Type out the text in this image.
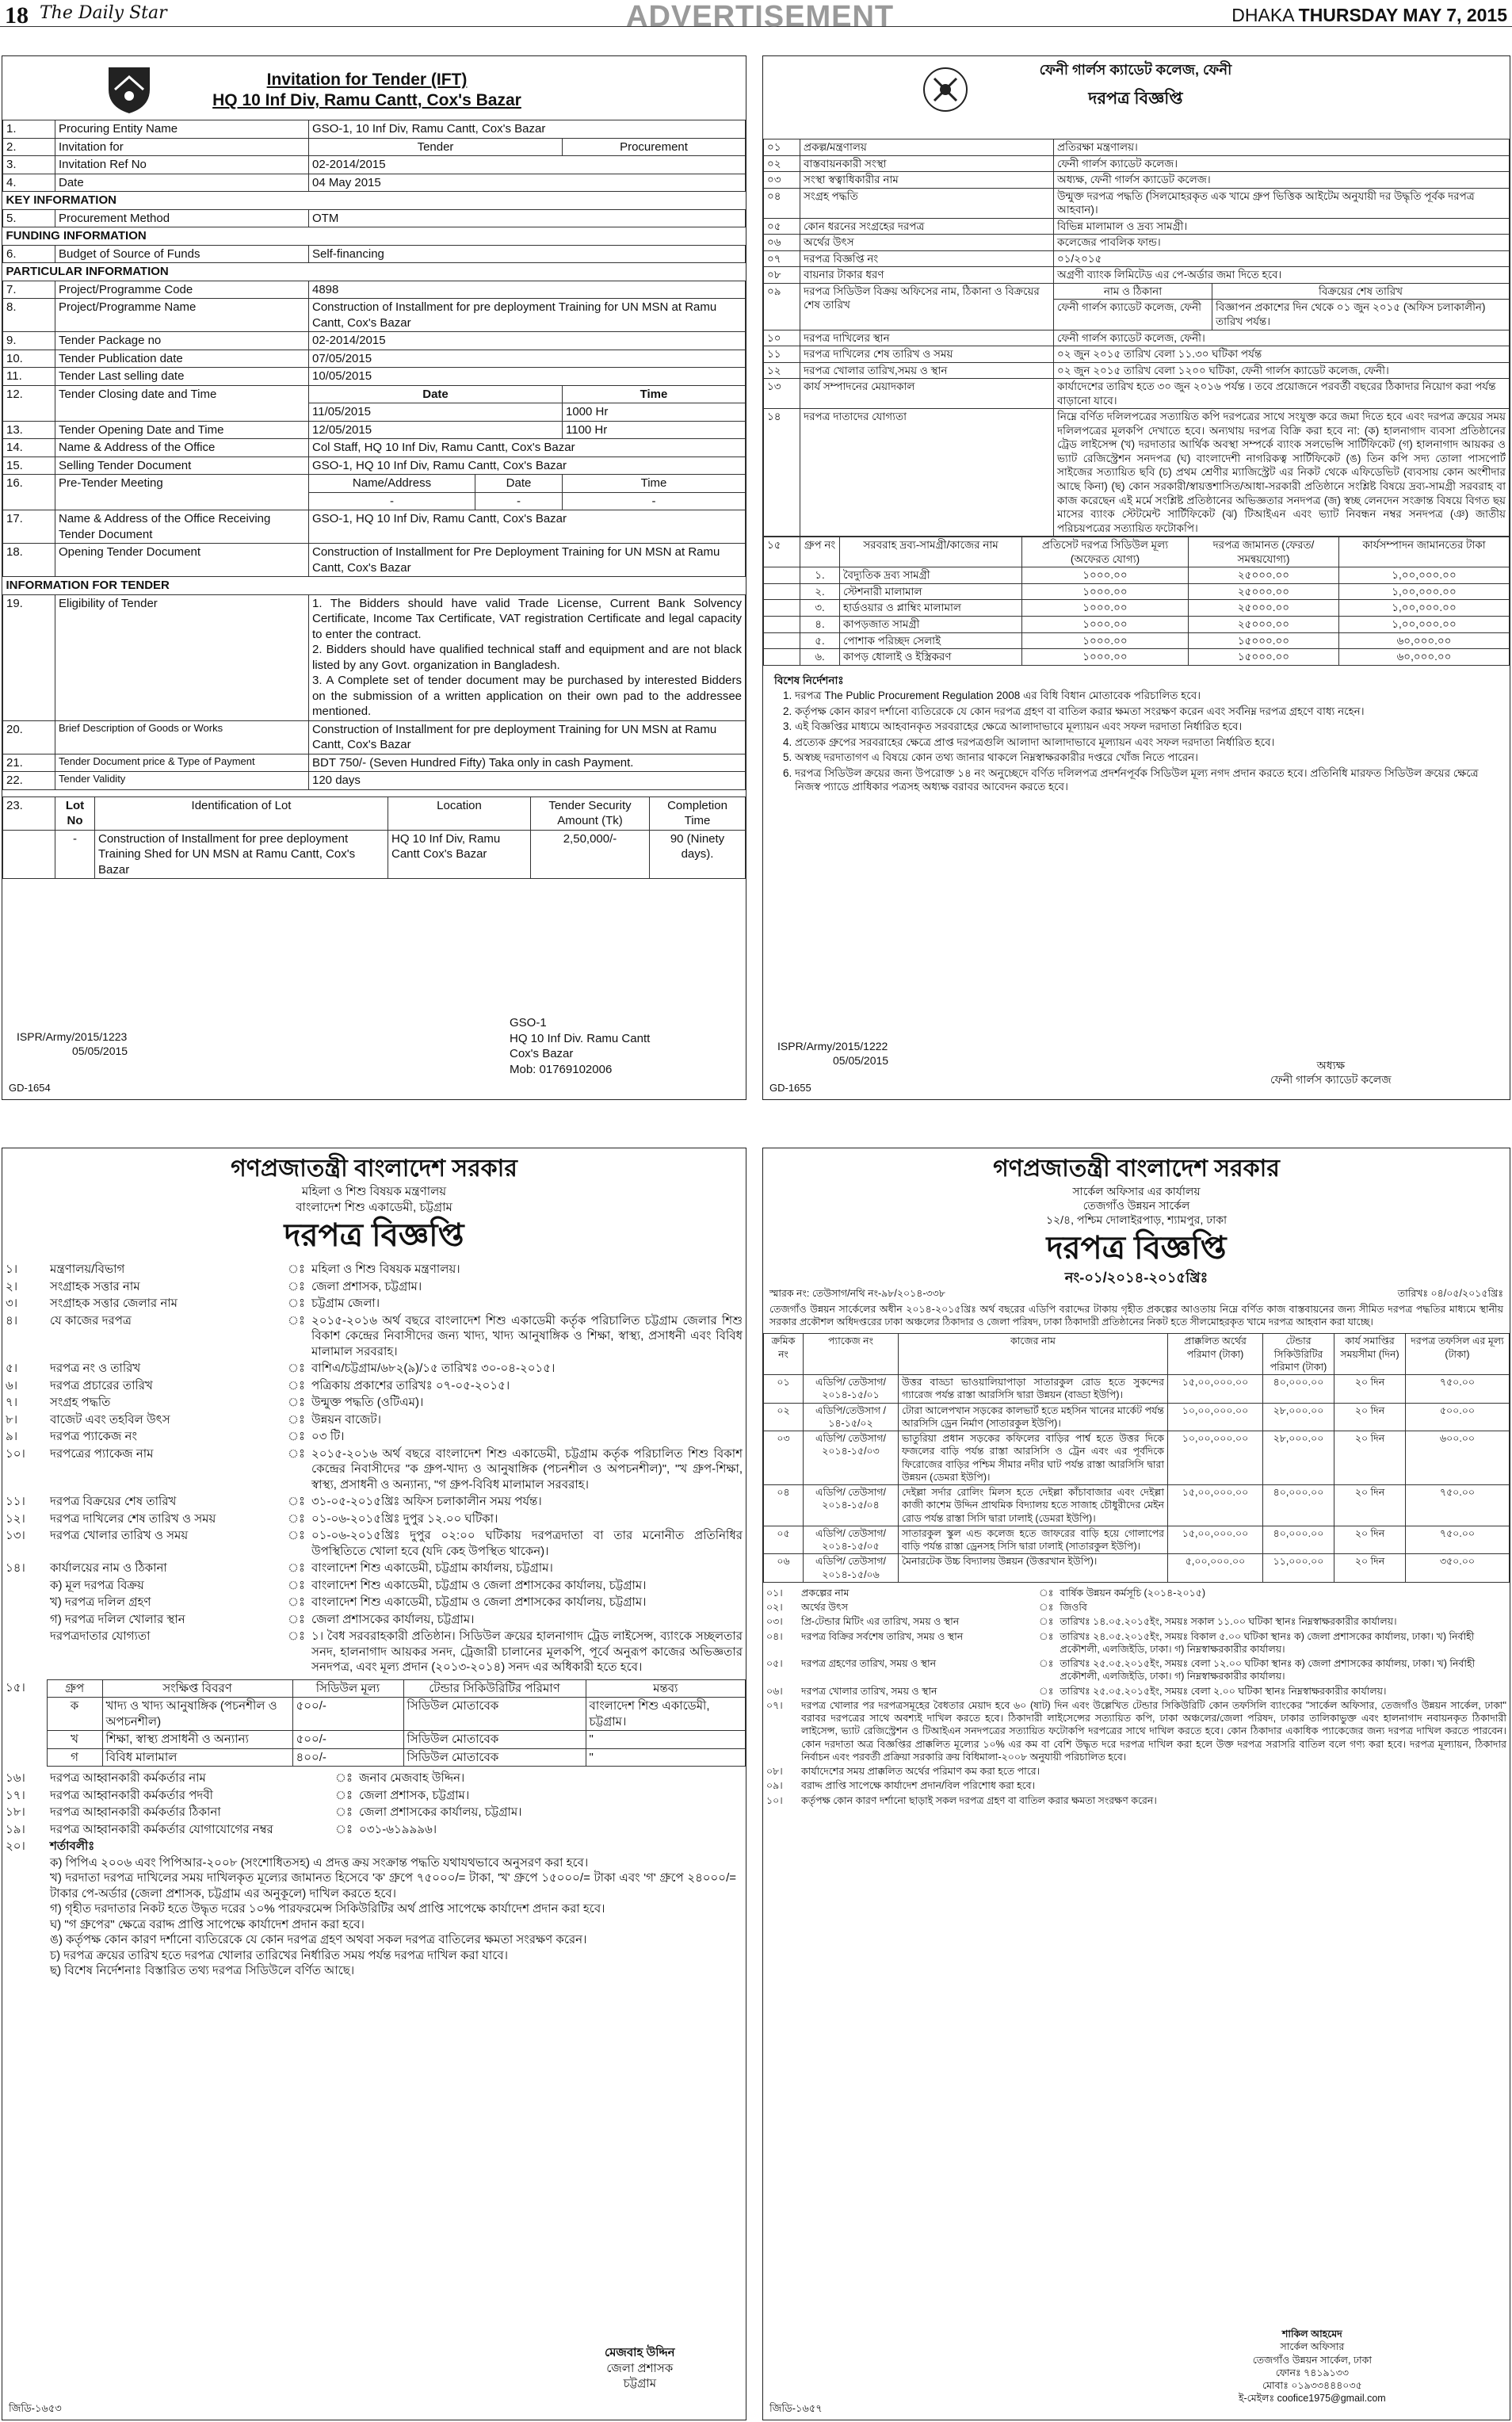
18 The Daily Star	ADVERTISEMENT	DHAKA THURSDAY MAY 7, 2015
Invitation for Tender (IFT)
HQ 10 Inf Div, Ramu Cantt, Cox's Bazar
1.	Procuring Entity Name	GSO-1, 10 Inf Div, Ramu Cantt, Cox's Bazar		
2.	Invitation for	Tender		Procurement
3.	Invitation Ref No	02-2014/2015		
4.	Date	04 May 2015		
KEY INFORMATION				
5.	Procurement Method	OTM		
FUNDING INFORMATION				
6.	Budget of Source of Funds	Self-financing		
PARTICULAR INFORMATION				
7.	Project/Programme Code	4898		
8.	Project/Programme Name	Construction of Installment for pre deployment Training for UN MSN at Ramu Cantt, Cox's Bazar		
9.	Tender Package no	02-2014/2015		
10.	Tender Publication date	07/05/2015		
11.	Tender Last selling date	10/05/2015		
12.	Tender Closing date and Time	Date		Time
		11/05/2015		1000 Hr
13.	Tender Opening Date and Time	12/05/2015		1100 Hr
14.	Name & Address of the Office	Col Staff, HQ 10 Inf Div, Ramu Cantt, Cox's Bazar		
15.	Selling Tender Document	GSO-1, HQ 10 Inf Div, Ramu Cantt, Cox's Bazar		
16.	Pre-Tender Meeting	Name/Address	Date	Time
		-	-	-
17.	Name & Address of the Office Receiving Tender Document	GSO-1, HQ 10 Inf Div, Ramu Cantt, Cox's Bazar		
18.	Opening Tender Document	Construction of Installment for Pre Deployment Training for UN MSN at Ramu Cantt, Cox's Bazar		
INFORMATION FOR TENDER				
19.	Eligibility of Tender	1. The Bidders should have valid Trade License, Current Bank Solvency Certificate, Income Tax Certificate, VAT registration Certificate and legal capacity to enter the contract.
2. Bidders should have qualified technical staff and equipment and are not black listed by any Govt. organization in Bangladesh.
3. A Complete set of tender document may be purchased by interested Bidders on the submission of a written application on their own pad to the addressee mentioned.		

20.	Brief Description of Goods or Works	Construction of Installment for pre deployment Training for UN MSN at Ramu Cantt, Cox's Bazar		
21.	Tender Document price & Type of Payment	BDT 750/- (Seven Hundred Fifty) Taka only in cash Payment.		
22.	Tender Validity	120 days		
23.	Lot No	Identification of Lot	Location	Tender Security Amount (Tk)	Completion Time
	-	Construction of Installment for pree deployment Training Shed for UN MSN at Ramu Cantt, Cox's Bazar	HQ 10 Inf Div, Ramu Cantt Cox's Bazar	2,50,000/-	90 (Ninety days).
ISPR/Army/2015/1223
05/05/2015
GSO-1
HQ 10 Inf Div. Ramu Cantt
Cox's Bazar
Mob: 01769102006
GD-1654
ফেনী গার্লস ক্যাডেট কলেজ, ফেনী
দরপত্র বিজ্ঞপ্তি
০১	প্রকল্প/মন্ত্রণালয়	প্রতিরক্ষা মন্ত্রণালয়।	
০২	বাস্তবায়নকারী সংস্থা	ফেনী গার্লস ক্যাডেট কলেজ।	
০৩	সংস্থা স্বত্বাধিকারীর নাম	অধ্যক্ষ, ফেনী গার্লস ক্যাডেট কলেজ।	
০৪	সংগ্রহ পদ্ধতি	উন্মুক্ত দরপত্র পদ্ধতি (সিলমোহরকৃত এক খামে গ্রুপ ভিত্তিক আইটেম অনুযায়ী দর উদ্ধৃতি পূর্বক দরপত্র আহবান)।	
০৫	কোন ধরনের সংগ্রহের দরপত্র	বিভিন্ন মালামাল ও দ্রব্য সামগ্রী।	
০৬	অর্থের উৎস	কলেজের পাবলিক ফান্ড।	
০৭	দরপত্র বিজ্ঞপ্তি নং	০১/২০১৫	
০৮	বায়নার টাকার ধরণ	অগ্রণী ব্যাংক লিমিটেড এর পে-অর্ডার জমা দিতে হবে।	
০৯	দরপত্র সিডিউল বিক্রয় অফিসের নাম, ঠিকানা ও বিক্রয়ের শেষ তারিখ	নাম ও ঠিকানা	বিক্রয়ের শেষ তারিখ
		ফেনী গার্লস ক্যাডেট কলেজ, ফেনী	বিজ্ঞাপন প্রকাশের দিন থেকে ০১ জুন ২০১৫ (অফিস চলাকালীন) তারিখ পর্যন্ত।
১০	দরপত্র দাখিলের স্থান	ফেনী গার্লস ক্যাডেট কলেজ, ফেনী।	
১১	দরপত্র দাখিলের শেষ তারিখ ও সময়	০২ জুন ২০১৫ তারিখ বেলা ১১.৩০ ঘটিকা পর্যন্ত	
১২	দরপত্র খোলার তারিখ,সময় ও স্থান	০২ জুন ২০১৫ তারিখ বেলা ১২০০ ঘটিকা, ফেনী গার্লস ক্যাডেট কলেজ, ফেনী।	
১৩	কার্য সম্পাদনের মেয়াদকাল	কার্যাদেশের তারিখ হতে ৩০ জুন ২০১৬ পর্যন্ত । তবে প্রয়োজনে পরবর্তী বছরের ঠিকাদার নিয়োগ করা পর্যন্ত বাড়ানো যাবে।	
১৪	দরপত্র দাতাদের যোগ্যতা	নিম্নে বর্ণিত দলিলপত্রের সত্যায়িত কপি দরপত্রের সাথে সংযুক্ত করে জমা দিতে হবে এবং দরপত্র ক্রয়ের সময় দলিলপত্রের মূলকপি দেখাতে হবে। অন্যথায় দরপত্র বিক্রি করা হবে না: (ক) হালনাগাদ ব্যবসা প্রতিষ্ঠানের ট্রেড লাইসেন্স (খ) দরদাতার আর্থিক অবস্থা সম্পর্কে ব্যাংক সলভেন্সি সার্টিফিকেট (গ) হালনাগাদ আয়কর ও ভ্যাট রেজিস্ট্রেশন সনদপত্র (ঘ) বাংলাদেশী নাগরিকত্ব সার্টিফিকেট (ঙ) তিন কপি সদ্য তোলা পাসপোর্ট সাইজের সত্যায়িত ছবি (চ) প্রথম শ্রেণীর ম্যাজিস্ট্রেট এর নিকট থেকে এফিডেভিট (ব্যবসায় কোন অংশীদার আছে কিনা) (ছ) কোন সরকারী/স্বায়ত্তশাসিত/আধা-সরকারী প্রতিষ্ঠানে সংশ্লিষ্ট বিষয়ে দ্রব্য-সামগ্রী সরবরাহ বা কাজ করেছেন এই মর্মে সংশ্লিষ্ট প্রতিষ্ঠানের অভিজ্ঞতার সনদপত্র (জ) স্বচ্ছ লেনদেন সংক্রান্ত বিষয়ে বিগত ছয় মাসের ব্যাংক স্টেটমেন্ট সার্টিফিকেট (ঝ) টিআইএন এবং ভ্যাট নিবন্ধন নম্বর সনদপত্র (ঞ) জাতীয় পরিচয়পত্রের সত্যায়িত ফটোকপি।	
১৫	গ্রুপ নং	সরবরাহ দ্রব্য-সামগ্রী/কাজের নাম	প্রতিসেট দরপত্র সিডিউল মূল্য (অফেরত যোগ্য)	দরপত্র জামানত (ফেরত/সমন্বয়যোগ্য)	কার্যসম্পাদন জামানতের টাকা
	১.	বৈদ্যুতিক দ্রব্য সামগ্রী	১০০০.০০	২৫০০০.০০	১,০০,০০০.০০
	২.	স্টেশনারী মালামাল	১০০০.০০	২৫০০০.০০	১,০০,০০০.০০
	৩.	হার্ডওয়ার ও প্লাম্বিং মালামাল	১০০০.০০	২৫০০০.০০	১,০০,০০০.০০
	৪.	কাপড়জাত সামগ্রী	১০০০.০০	২৫০০০.০০	১,০০,০০০.০০
	৫.	পোশাক পরিচ্ছদ সেলাই	১০০০.০০	১৫০০০.০০	৬০,০০০.০০
	৬.	কাপড় ধোলাই ও ইস্ত্রিকরণ	১০০০.০০	১৫০০০.০০	৬০,০০০.০০
বিশেষ নির্দেশনাঃ
1. দরপত্র The Public Procurement Regulation 2008 এর বিধি বিধান মোতাবেক পরিচালিত হবে।
2. কর্তৃপক্ষ কোন কারণ দর্শানো ব্যতিরেকে যে কোন দরপত্র গ্রহণ বা বাতিল করার ক্ষমতা সংরক্ষণ করেন এবং সর্বনিম্ন দরপত্র গ্রহণে বাধ্য নহেন।
3. এই বিজ্ঞপ্তির মাধ্যমে আহবানকৃত সরবরাহের ক্ষেত্রে আলাদাভাবে মূল্যায়ন এবং সফল দরদাতা নির্ধারিত হবে।
4. প্রত্যেক গ্রুপের সরবরাহের ক্ষেত্রে প্রাপ্ত দরপত্রগুলি আলাদা আলাদাভাবে মূল্যায়ন এবং সফল দরদাতা নির্ধারিত হবে।
5. অস্বচ্ছ দরদাতাগণ এ বিষয়ে কোন তথ্য জানার থাকলে নিম্নস্বাক্ষরকারীর দপ্তরে খোঁজ নিতে পারেন।
6. দরপত্র সিডিউল ক্রয়ের জন্য উপরোক্ত ১৪ নং অনুচ্ছেদে বর্ণিত দলিলপত্র প্রদর্শনপূর্বক সিডিউল মূল্য নগদ প্রদান করতে হবে। প্রতিনিধি মারফত সিডিউল ক্রয়ের ক্ষেত্রে নিজস্ব প্যাডে প্রাধিকার পত্রসহ অধ্যক্ষ বরাবর আবেদন করতে হবে।
ISPR/Army/2015/1222
05/05/2015	অধ্যক্ষ
ফেনী গার্লস ক্যাডেট কলেজ
GD-1655
গণপ্রজাতন্ত্রী বাংলাদেশ সরকার
মহিলা ও শিশু বিষয়ক মন্ত্রণালয়
বাংলাদেশ শিশু একাডেমী, চট্টগ্রাম
দরপত্র বিজ্ঞপ্তি
১।	মন্ত্রণালয়/বিভাগ	ঃ	মহিলা ও শিশু বিষয়ক মন্ত্রণালয়।
২।	সংগ্রাহক সত্তার নাম	ঃ	জেলা প্রশাসক, চট্টগ্রাম।
৩।	সংগ্রাহক সত্তার জেলার নাম	ঃ	চট্টগ্রাম জেলা।
৪।	যে কাজের দরপত্র	ঃ	২০১৫-২০১৬ অর্থ বছরে বাংলাদেশ শিশু একাডেমী কর্তৃক পরিচালিত চট্টগ্রাম জেলার শিশু বিকাশ কেন্দ্রের নিবাসীদের জন্য খাদ্য, খাদ্য আনুষাঙ্গিক ও শিক্ষা, স্বাস্থ্য, প্রসাধনী এবং বিবিধ মালামাল সরবরাহ।
৫।	দরপত্র নং ও তারিখ	ঃ	বাশিএ/চট্টগ্রাম/৬৮২(৯)/১৫ তারিখঃ ৩০-০৪-২০১৫।
৬।	দরপত্র প্রচারের তারিখ	ঃ	পত্রিকায় প্রকাশের তারিখঃ ০৭-০৫-২০১৫।
৭।	সংগ্রহ পদ্ধতি	ঃ	উন্মুক্ত পদ্ধতি (ওটিএম)।
৮।	বাজেট এবং তহবিল উৎস	ঃ	উন্নয়ন বাজেট।
৯।	দরপত্র প্যাকেজ নং	ঃ	০৩ টি।
১০।	দরপত্রের প্যাকেজ নাম	ঃ	২০১৫-২০১৬ অর্থ বছরে বাংলাদেশ শিশু একাডেমী, চট্টগ্রাম কর্তৃক পরিচালিত শিশু বিকাশ কেন্দ্রের নিবাসীদের "ক গ্রুপ-খাদ্য ও আনুষাঙ্গিক (পচনশীল ও অপচনশীল)", "খ গ্রুপ-শিক্ষা, স্বাস্থ্য, প্রসাধনী ও অন্যান্য, "গ গ্রুপ-বিবিধ মালামাল সরবরাহ।
১১।	দরপত্র বিক্রয়ের শেষ তারিখ	ঃ	৩১-০৫-২০১৫খ্রিঃ অফিস চলাকালীন সময় পর্যন্ত।
১২।	দরপত্র দাখিলের শেষ তারিখ ও সময়	ঃ	০১-০৬-২০১৫খ্রিঃ দুপুর ১২.০০ ঘটিকা।
১৩।	দরপত্র খোলার তারিখ ও সময়	ঃ	০১-০৬-২০১৫খ্রিঃ দুপুর ০২:০০ ঘটিকায় দরপত্রদাতা বা তার মনোনীত প্রতিনিধির উপস্থিতিতে খোলা হবে (যদি কেহ উপস্থিত থাকেন)।
১৪।	কার্যালয়ের নাম ও ঠিকানা	ঃ	বাংলাদেশ শিশু একাডেমী, চট্টগ্রাম কার্যালয়, চট্টগ্রাম।
	ক) মূল দরপত্র বিক্রয়	ঃ	বাংলাদেশ শিশু একাডেমী, চট্টগ্রাম ও জেলা প্রশাসকের কার্যালয়, চট্টগ্রাম।
	খ) দরপত্র দলিল গ্রহণ	ঃ	বাংলাদেশ শিশু একাডেমী, চট্টগ্রাম ও জেলা প্রশাসকের কার্যালয়, চট্টগ্রাম।
	গ) দরপত্র দলিল খোলার স্থান	ঃ	জেলা প্রশাসকের কার্যালয়, চট্টগ্রাম।
	দরপত্রদাতার যোগ্যতা	ঃ	১। বৈধ সরবরাহকারী প্রতিষ্ঠান। সিডিউল ক্রয়ের হালনাগাদ ট্রেড লাইসেন্স, ব্যাংকে সচ্ছলতার সনদ, হালনাগাদ আয়কর সনদ, ট্রেজারী চালানের মূলকপি, পূর্বে অনুরূপ কাজের অভিজ্ঞতার সনদপত্র, এবং মূল্য প্রদান (২০১৩-২০১৪) সনদ এর অধিকারী হতে হবে।
১৫।	গ্রুপ	সংক্ষিপ্ত বিবরণ	সিডিউল মূল্য	টেন্ডার সিকিউরিটির পরিমাণ	মন্তব্য
	ক	খাদ্য ও খাদ্য আনুষাঙ্গিক (পচনশীল ও অপচনশীল)	৫০০/-	সিডিউল মোতাবেক	বাংলাদেশ শিশু একাডেমী, চট্টগ্রাম।
	খ	শিক্ষা, স্বাস্থ্য প্রসাধনী ও অন্যান্য	৫০০/-	সিডিউল মোতাবেক	"
	গ	বিবিধ মালামাল	৪০০/-	সিডিউল মোতাবেক	"
১৬।	দরপত্র আহ্বানকারী কর্মকর্তার নাম	ঃ	জনাব মেজবাহ উদ্দিন।
১৭।	দরপত্র আহ্বানকারী কর্মকর্তার পদবী	ঃ	জেলা প্রশাসক, চট্টগ্রাম।
১৮।	দরপত্র আহ্বানকারী কর্মকর্তার ঠিকানা	ঃ	জেলা প্রশাসকের কার্যালয়, চট্টগ্রাম।
১৯।	দরপত্র আহ্বানকারী কর্মকর্তার যোগাযোগের নম্বর	ঃ	০৩১-৬১৯৯৯৬।
২০।	শর্তাবলীঃ		
ক) পিপিএ ২০০৬ এবং পিপিআর-২০০৮ (সংশোধিতসহ) এ প্রদত্ত ক্রয় সংক্রান্ত পদ্ধতি যথাযথভাবে অনুসরণ করা হবে।
খ) দরদাতা দরপত্র দাখিলের সময় দাখিলকৃত মূল্যের জামানত হিসেবে 'ক' গ্রুপে ৭৫০০০/= টাকা, 'খ' গ্রুপে ১৫০০০/= টাকা এবং 'গ' গ্রুপে ২৪০০০/= টাকার পে-অর্ডার (জেলা প্রশাসক, চট্টগ্রাম এর অনুকূলে) দাখিল করতে হবে।
গ) গৃহীত দরদাতার নিকট হতে উদ্ধৃত দরের ১০% পারফরমেন্স সিকিউরিটির অর্থ প্রাপ্তি সাপেক্ষে কার্যাদেশ প্রদান করা হবে।
ঘ) "গ গ্রুপের" ক্ষেত্রে বরাদ্দ প্রাপ্তি সাপেক্ষে কার্যাদেশ প্রদান করা হবে।
ঙ) কর্তৃপক্ষ কোন কারণ দর্শানো ব্যতিরেকে যে কোন দরপত্র গ্রহণ অথবা সকল দরপত্র বাতিলের ক্ষমতা সংরক্ষণ করেন।
চ) দরপত্র ক্রয়ের তারিখ হতে দরপত্র খোলার তারিখের নির্ধারিত সময় পর্যন্ত দরপত্র দাখিল করা যাবে।
ছ) বিশেষ নির্দেশনাঃ বিস্তারিত তথ্য দরপত্র সিডিউলে বর্ণিত আছে।
মেজবাহ উদ্দিন
জেলা প্রশাসক
চট্টগ্রাম
জিডি-১৬৫৩
গণপ্রজাতন্ত্রী বাংলাদেশ সরকার
সার্কেল অফিসার এর কার্যালয়
তেজগাঁও উন্নয়ন সার্কেল
১২/৪, পশ্চিম দোলাইরপাড়, শ্যামপুর, ঢাকা
দরপত্র বিজ্ঞপ্তি
নং-০১/২০১৪-২০১৫খ্রিঃ
স্মারক নং: তেউসাগ/নথি নং-৯৮/২০১৪-৩৩৮	তারিখঃ ০৪/০৫/২০১৫খ্রিঃ
তেজগাঁও উন্নয়ন সার্কেলের অধীন ২০১৪-২০১৫খ্রিঃ অর্থ বছরের এডিপি বরাদ্দের টাকায় গৃহীত প্রকল্পের আওতায় নিম্নে বর্ণিত কাজ বাস্তবায়নের জন্য সীমিত দরপত্র পদ্ধতির মাধ্যমে স্থানীয় সরকার প্রকৌশল অধিদপ্তরের ঢাকা অঞ্চলের ঠিকাদার ও জেলা পরিষদ, ঢাকা ঠিকাদারী প্রতিষ্ঠানের নিকট হতে সীলমোহরকৃত খামে দরপত্র আহবান করা যাচ্ছে।
ক্রমিক নং	প্যাকেজ নং	কাজের নাম	প্রাক্কলিত অর্থের পরিমাণ (টাকা)	টেন্ডার সিকিউরিটির পরিমাণ (টাকা)	কার্য সমাপ্তির সময়সীমা (দিন)	দরপত্র তফসিল এর মূল্য (টাকা)
০১	এডিপি/ তেউসাগ/ ২০১৪-১৫/০১	উত্তর বাড্ডা ভাওয়ালিয়াপাড়া সাতারকুল রোড হতে সুকন্দের গ্যারেজ পর্যন্ত রাস্তা আরসিসি দ্বারা উন্নয়ন (বাড্ডা ইউপি)।	১৫,০০,০০০.০০	৪০,০০০.০০	২০ দিন	৭৫০.০০
০২	এডিপি/তেউসাগ /১৪-১৫/০২	টোরা আলেপখান সড়কের কালভার্ট হতে মহসিন খানের মার্কেট পর্যন্ত আরসিসি ড্রেন নির্মাণ (সাতারকুল ইউপি)।	১০,০০,০০০.০০	২৮,০০০.০০	২০ দিন	৫০০.০০
০৩	এডিপি/ তেউসাগ/ ২০১৪-১৫/০৩	ভাতুরিয়া প্রধান সড়কের কফিলের বাড়ির পার্শ্ব হতে উত্তর দিকে ফজলের বাড়ি পর্যন্ত রাস্তা আরসিসি ও ট্রেন এবং এর পূর্বদিকে ফিরোজের বাড়ির পশ্চিম সীমার নদীর ঘাট পর্যন্ত রাস্তা আরসিসি দ্বারা উন্নয়ন (ডেমরা ইউপি)।	১০,০০,০০০.০০	২৮,০০০.০০	২০ দিন	৬০০.০০
০৪	এডিপি/ তেউসাগ/ ২০১৪-১৫/০৪	দেইল্লা সর্দার রোলিং মিলস হতে দেইল্লা কাঁচাবাজার এবং দেইল্লা কাজী কাশেম উদ্দিন প্রাথমিক বিদ্যালয় হতে সাজাহ চৌধুরীদের মেইন রোড পর্যন্ত রাস্তা সিসি দ্বারা ঢালাই (ডেমরা ইউপি)।	১৫,০০,০০০.০০	৪০,০০০.০০	২০ দিন	৭৫০.০০
০৫	এডিপি/ তেউসাগ/ ২০১৪-১৫/০৫	সাতারকুল স্কুল এন্ড কলেজ হতে জাফরের বাড়ি হয়ে গোলাপের বাড়ি পর্যন্ত রাস্তা ড্রেনসহ সিসি দ্বারা ঢালাই (সাতারকুল ইউপি)।	১৫,০০,০০০.০০	৪০,০০০.০০	২০ দিন	৭৫০.০০
০৬	এডিপি/ তেউসাগ/ ২০১৪-১৫/০৬	মৈনারটেক উচ্চ বিদ্যালয় উন্নয়ন (উত্তরখান ইউপি)।	৫,০০,০০০.০০	১১,০০০.০০	২০ দিন	৩৫০.০০
০১।	প্রকল্পের নাম	ঃ	বার্ষিক উন্নয়ন কর্মসূচি (২০১৪-২০১৫)
০২।	অর্থের উৎস	ঃ	জিওবি
০৩।	প্রি-টেন্ডার মিটিং এর তারিখ, সময় ও স্থান	ঃ	তারিখঃ ১৪.০৫.২০১৫ইং, সময়ঃ সকাল ১১.০০ ঘটিকা স্থানঃ নিম্নস্বাক্ষরকারীর কার্যালয়।
০৪।	দরপত্র বিক্রির সর্বশেষ তারিখ, সময় ও স্থান	ঃ	তারিখঃ ২৪.০৫.২০১৫ইং, সময়ঃ বিকাল ৫.০০ ঘটিকা স্থানঃ ক) জেলা প্রশাসকের কার্যালয়, ঢাকা। খ) নির্বাহী প্রকৌশলী, এলজিইডি, ঢাকা। গ) নিম্নস্বাক্ষরকারীর কার্যালয়।
০৫।	দরপত্র গ্রহণের তারিখ, সময় ও স্থান	ঃ	তারিখঃ ২৫.০৫.২০১৫ইং, সময়ঃ বেলা ১২.০০ ঘটিকা স্থানঃ ক) জেলা প্রশাসকের কার্যালয়, ঢাকা। খ) নির্বাহী প্রকৌশলী, এলজিইডি, ঢাকা। গ) নিম্নস্বাক্ষরকারীর কার্যালয়।
০৬।	দরপত্র খোলার তারিখ, সময় ও স্থান	ঃ	তারিখঃ ২৫.০৫.২০১৫ইং, সময়ঃ বেলা ২.০০ ঘটিকা স্থানঃ নিম্নস্বাক্ষরকারীর কার্যালয়।
০৭।	দরপত্র খোলার পর দরপত্রসমূহের বৈধতার মেয়াদ হবে ৬০ (ষাট) দিন এবং উল্লেখিত টেন্ডার সিকিউরিটি কোন তফসিলি ব্যাংকের "সার্কেল অফিসার, তেজগাঁও উন্নয়ন সার্কেল, ঢাকা" বরাবর দরপত্রের সাথে অবশ্যই দাখিল করতে হবে। ঠিকাদারী লাইসেন্সের সত্যায়িত কপি, ঢাকা অঞ্চলের/জেলা পরিষদ, ঢাকার তালিকাভুক্ত এবং হালনাগাদ নবায়নকৃত ঠিকাদারী লাইসেন্স, ভ্যাট রেজিস্ট্রেশন ও টিআইএন সনদপত্রের সত্যায়িত ফটোকপি দরপত্রের সাথে দাখিল করতে হবে। কোন ঠিকাদার একাধিক প্যাকেজের জন্য দরপত্র দাখিল করতে পারবেন। কোন দরদাতা অত্র বিজ্ঞপ্তির প্রাক্কলিত মূল্যের ১০% এর কম বা বেশি উদ্ধৃত দরে দরপত্র দাখিল করা হলে উক্ত দরপত্র সরাসরি বাতিল বলে গণ্য করা হবে। দরপত্র মূল্যায়ন, ঠিকাদার নির্বাচন এবং পরবর্তী প্রক্রিয়া সরকারি ক্রয় বিধিমালা-২০০৮ অনুযায়ী পরিচালিত হবে।		
০৮।	কার্যাদেশের সময় প্রাক্কলিত অর্থের পরিমাণ কম করা হতে পারে।		
০৯।	বরাদ্দ প্রাপ্তি সাপেক্ষে কার্যাদেশ প্রদান/বিল পরিশোধ করা হবে।		
১০।	কর্তৃপক্ষ কোন কারণ দর্শানো ছাড়াই সকল দরপত্র গ্রহণ বা বাতিল করার ক্ষমতা সংরক্ষণ করেন।		
শাকিল আহমেদ
সার্কেল অফিসার
তেজগাঁও উন্নয়ন সার্কেল, ঢাকা
ফোনঃ ৭৪১৯১৩৩
মোবাঃ ০১৯৩৩৪৪৪০৩৫
ই-মেইলঃ coofice1975@gmail.com
জিডি-১৬৫৭
